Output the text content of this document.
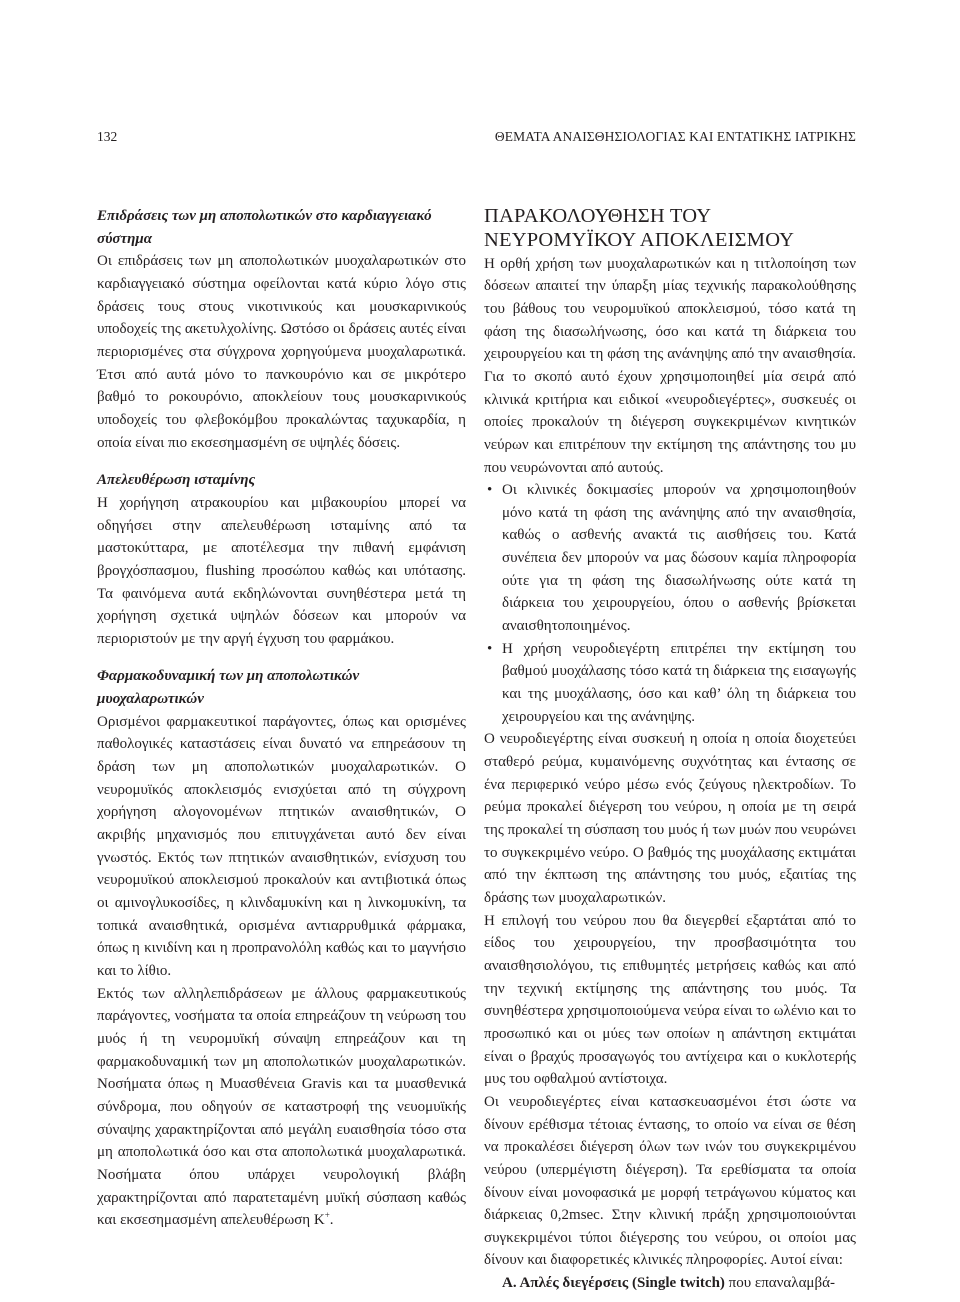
132	ΘΕΜΑΤΑ ΑΝΑΙΣΘΗΣΙΟΛΟΓΙΑΣ ΚΑΙ ΕΝΤΑΤΙΚΗΣ ΙΑΤΡΙΚΗΣ
Επιδράσεις των μη αποπολωτικών στο καρδιαγγειακό σύστημα

Οι επιδράσεις των μη αποπολωτικών μυοχαλαρωτικών στο καρδιαγγειακό σύστημα οφείλονται κατά κύριο λόγο στις δράσεις τους στους νικοτινικούς και μουσκαρινικούς υποδοχείς της ακετυλχολίνης. Ωστόσο οι δράσεις αυτές είναι περιορισμένες στα σύγχρονα χορηγούμενα μυοχαλαρωτικά. Έτσι από αυτά μόνο το πανκουρόνιο και σε μικρότερο βαθμό το ροκουρόνιο, αποκλείουν τους μουσκαρινικούς υποδοχείς του φλεβοκόμβου προκαλώντας ταχυκαρδία, η οποία είναι πιο εκσεσημασμένη σε υψηλές δόσεις.

Απελευθέρωση ισταμίνης

Η χορήγηση ατρακουρίου και μιβακουρίου μπορεί να οδηγήσει στην απελευθέρωση ισταμίνης από τα μαστοκύτταρα, με αποτέλεσμα την πιθανή εμφάνιση βρογχόσπασμου, flushing προσώπου καθώς και υπότασης. Τα φαινόμενα αυτά εκδηλώνονται συνηθέστερα μετά τη χορήγηση σχετικά υψηλών δόσεων και μπορούν να περιοριστούν με την αργή έγχυση του φαρμάκου.

Φαρμακοδυναμική των μη αποπολωτικών μυοχαλαρωτικών

Ορισμένοι φαρμακευτικοί παράγοντες, όπως και ορισμένες παθολογικές καταστάσεις είναι δυνατό να επηρεάσουν τη δράση των μη αποπολωτικών μυοχαλαρωτικών. Ο νευρομυϊκός αποκλεισμός ενισχύεται από τη σύγχρονη χορήγηση αλογονομένων πτητικών αναισθητικών, Ο ακριβής μηχανισμός που επιτυγχάνεται αυτό δεν είναι γνωστός. Εκτός των πτητικών αναισθητικών, ενίσχυση του νευρομυϊκού αποκλεισμού προκαλούν και αντιβιοτικά όπως οι αμινογλυκοσίδες, η κλινδαμυκίνη και η λινκομυκίνη, τα τοπικά αναισθητικά, ορισμένα αντιαρρυθμικά φάρμακα, όπως η κινιδίνη και η προπρανολόλη καθώς και το μαγνήσιο και το λίθιο.

Εκτός των αλληλεπιδράσεων με άλλους φαρμακευτικούς παράγοντες, νοσήματα τα οποία επηρεάζουν τη νεύρωση του μυός ή τη νευρομυϊκή σύναψη επηρεάζουν και τη φαρμακοδυναμική των μη αποπολωτικών μυοχαλαρωτικών. Νοσήματα όπως η Μυασθένεια Gravis και τα μυασθενικά σύνδρομα, που οδηγούν σε καταστροφή της νευομυϊκής σύναψης χαρακτηρίζονται από μεγάλη ευαισθησία τόσο στα μη αποπολωτικά όσο και στα αποπολωτικά μυοχαλαρωτικά. Νοσήματα όπου υπάρχει νευρολογική βλάβη χαρακτηρίζονται από παρατεταμένη μυϊκή σύσπαση καθώς και εκσεσημασμένη απελευθέρωση K+.

ΠΑΡΑΚΟΛΟΥΘΗΣΗ ΤΟΥ ΝΕΥΡΟΜΥΪΚΟΥ ΑΠΟΚΛΕΙΣΜΟΥ

Η ορθή χρήση των μυοχαλαρωτικών και η τιτλοποίηση των δόσεων απαιτεί την ύπαρξη μίας τεχνικής παρακολούθησης του βάθους του νευρομυϊκού αποκλεισμού, τόσο κατά τη φάση της διασωλήνωσης, όσο και κατά τη διάρκεια του χειρουργείου και τη φάση της ανάνηψης από την αναισθησία. Για το σκοπό αυτό έχουν χρησιμοποιηθεί μία σειρά από κλινικά κριτήρια και ειδικοί «νευροδιεγέρτες», συσκευές οι οποίες προκαλούν τη διέγερση συγκεκριμένων κινητικών νεύρων και επιτρέπουν την εκτίμηση της απάντησης του μυ που νευρώνονται από αυτούς.

• Οι κλινικές δοκιμασίες μπορούν να χρησιμοποιηθούν μόνο κατά τη φάση της ανάνηψης από την αναισθησία, καθώς ο ασθενής ανακτά τις αισθήσεις του. Κατά συνέπεια δεν μπορούν να μας δώσουν καμία πληροφορία ούτε για τη φάση της διασωλήνωσης ούτε κατά τη διάρκεια του χειρουργείου, όπου ο ασθενής βρίσκεται αναισθητοποιημένος.
• Η χρήση νευροδιεγέρτη επιτρέπει την εκτίμηση του βαθμού μυοχάλασης τόσο κατά τη διάρκεια της εισαγωγής και της μυοχάλασης, όσο και καθ’ όλη τη διάρκεια του χειρουργείου και της ανάνηψης.

Ο νευροδιεγέρτης είναι συσκευή η οποία η οποία διοχετεύει σταθερό ρεύμα, κυμαινόμενης συχνότητας και έντασης σε ένα περιφερικό νεύρο μέσω ενός ζεύγους ηλεκτροδίων. Το ρεύμα προκαλεί διέγερση του νεύρου, η οποία με τη σειρά της προκαλεί τη σύσπαση του μυός ή των μυών που νευρώνει το συγκεκριμένο νεύρο. Ο βαθμός της μυοχάλασης εκτιμάται από την έκπτωση της απάντησης του μυός, εξαιτίας της δράσης των μυοχαλαρωτικών.

Η επιλογή του νεύρου που θα διεγερθεί εξαρτάται από το είδος του χειρουργείου, την προσβασιμότητα του αναισθησιολόγου, τις επιθυμητές μετρήσεις καθώς και από την τεχνική εκτίμησης της απάντησης του μυός. Τα συνηθέστερα χρησιμοποιούμενα νεύρα είναι το ωλένιο και το προσωπικό και οι μύες των οποίων η απάντηση εκτιμάται είναι ο βραχύς προσαγωγός του αντίχειρα και ο κυκλοτερής μυς του οφθαλμού αντίστοιχα.

Οι νευροδιεγέρτες είναι κατασκευασμένοι έτσι ώστε να δίνουν ερέθισμα τέτοιας έντασης, το οποίο να είναι σε θέση να προκαλέσει διέγερση όλων των ινών του συγκεκριμένου νεύρου (υπερμέγιστη διέγερση). Τα ερεθίσματα τα οποία δίνουν είναι μονοφασικά με μορφή τετράγωνου κύματος και διάρκειας 0,2msec. Στην κλινική πράξη χρησιμοποιούνται συγκεκριμένοι τύποι διέγερσης του νεύρου, οι οποίοι μας δίνουν και διαφορετικές κλινικές πληροφορίες. Αυτοί είναι:

Α. Απλές διεγέρσεις (Single twitch) που επαναλαμβά-
